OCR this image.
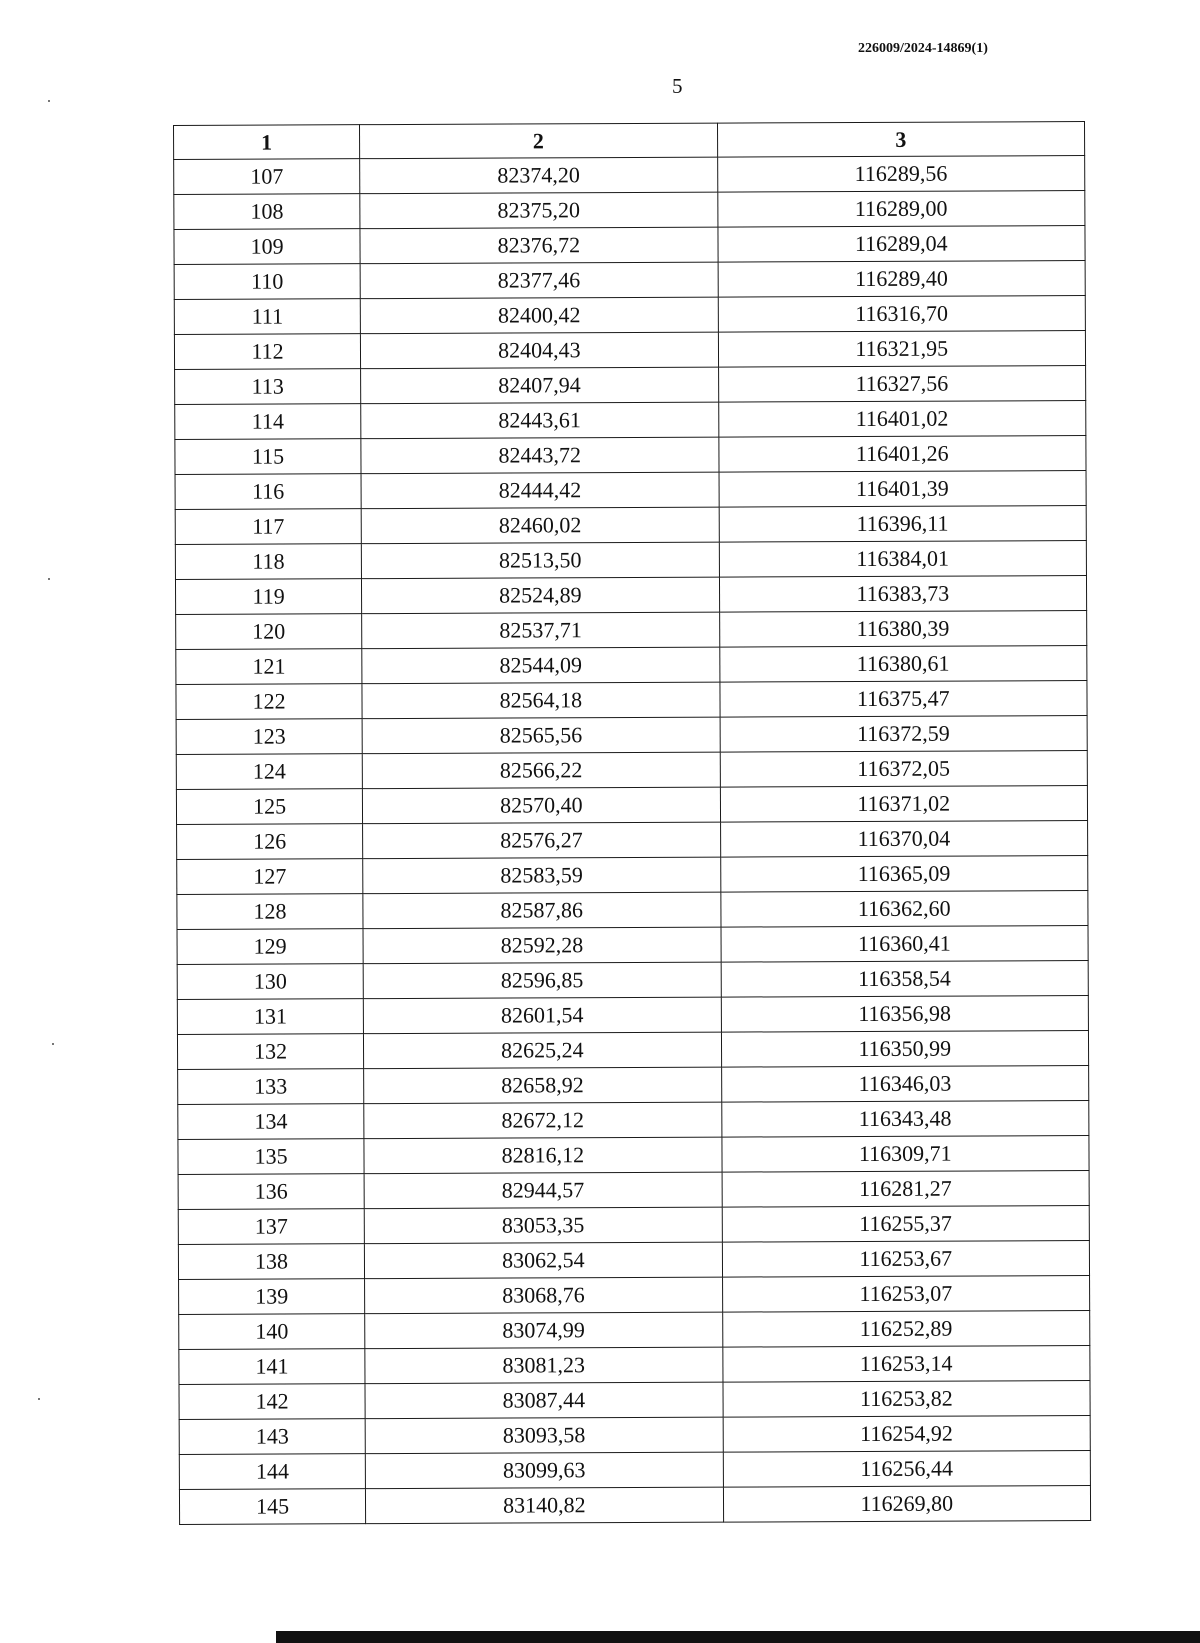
226009/2024-14869(1)
5
1	2	3
107	82374,20	116289,56
108	82375,20	116289,00
109	82376,72	116289,04
110	82377,46	116289,40
111	82400,42	116316,70
112	82404,43	116321,95
113	82407,94	116327,56
114	82443,61	116401,02
115	82443,72	116401,26
116	82444,42	116401,39
117	82460,02	116396,11
118	82513,50	116384,01
119	82524,89	116383,73
120	82537,71	116380,39
121	82544,09	116380,61
122	82564,18	116375,47
123	82565,56	116372,59
124	82566,22	116372,05
125	82570,40	116371,02
126	82576,27	116370,04
127	82583,59	116365,09
128	82587,86	116362,60
129	82592,28	116360,41
130	82596,85	116358,54
131	82601,54	116356,98
132	82625,24	116350,99
133	82658,92	116346,03
134	82672,12	116343,48
135	82816,12	116309,71
136	82944,57	116281,27
137	83053,35	116255,37
138	83062,54	116253,67
139	83068,76	116253,07
140	83074,99	116252,89
141	83081,23	116253,14
142	83087,44	116253,82
143	83093,58	116254,92
144	83099,63	116256,44
145	83140,82	116269,80
